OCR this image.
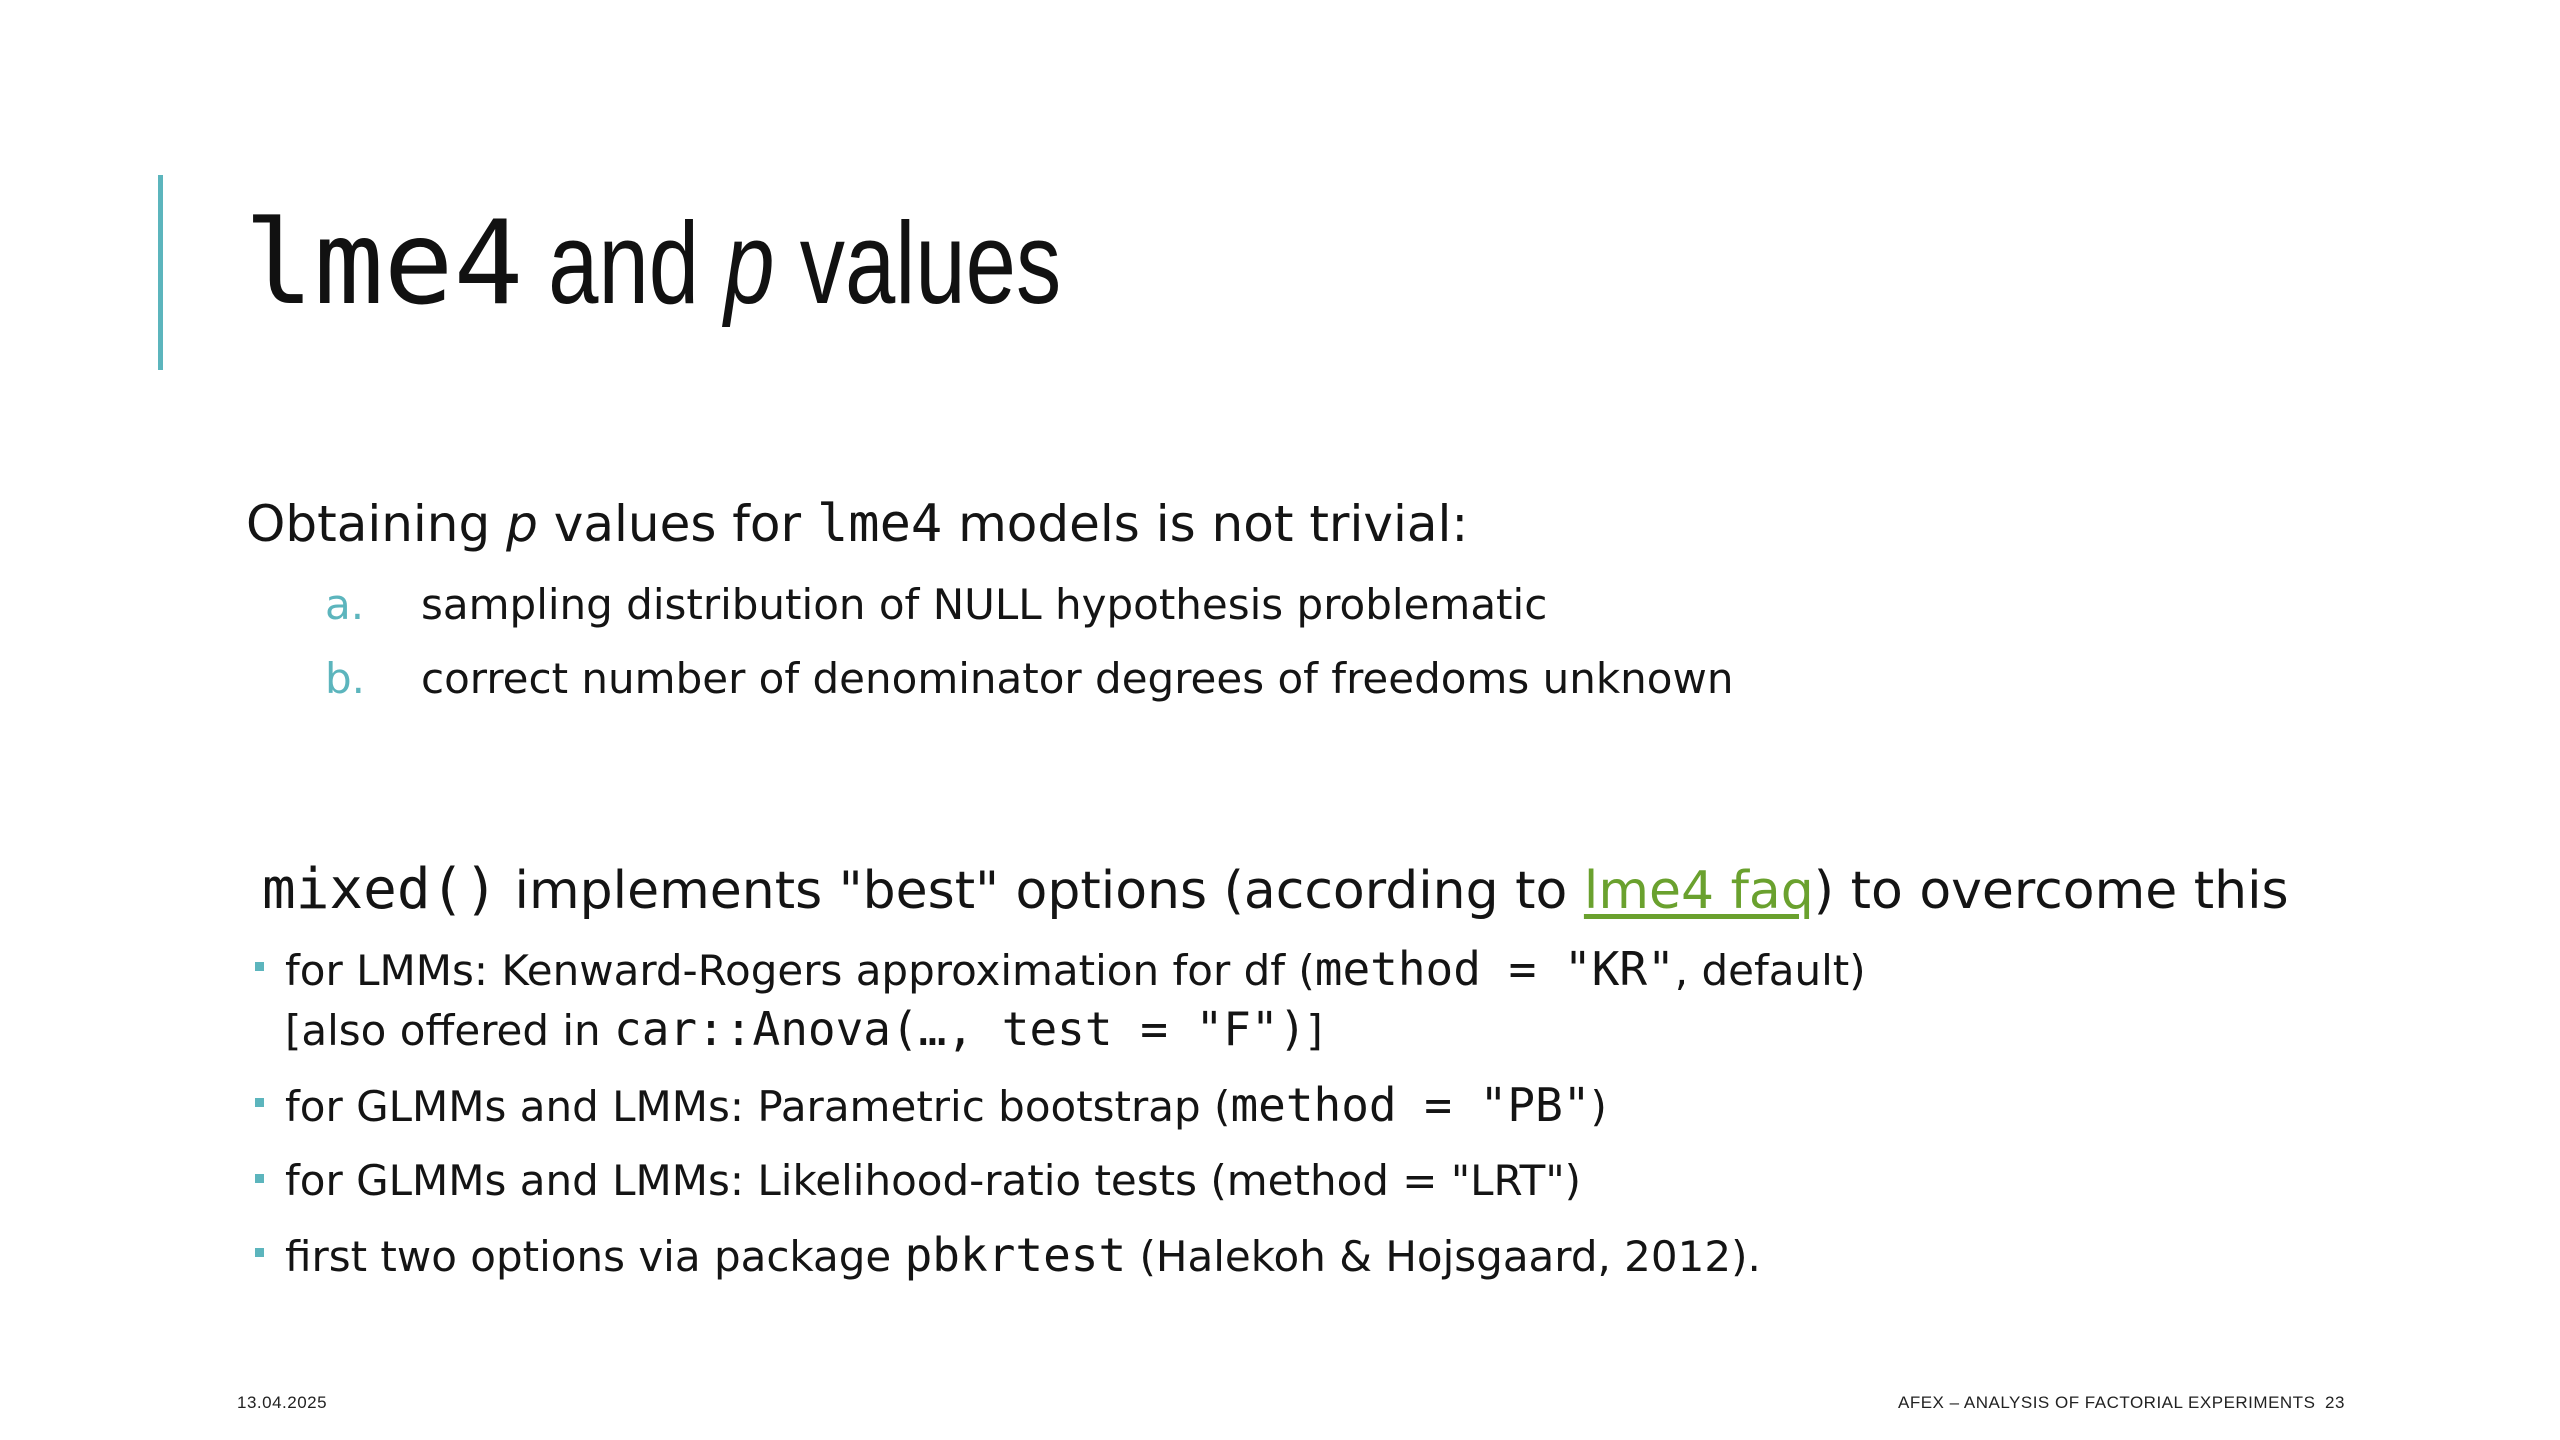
lme4 and p values
Obtaining p values for lme4 models is not trivial:
a.	sampling distribution of NULL hypothesis problematic
b.	correct number of denominator degrees of freedoms unknown
mixed() implements "best" options (according to lme4 faq) to overcome this
for LMMs: Kenward-Rogers approximation for df (method = "KR", default)
[also offered in car::Anova(…, test = "F")]
for GLMMs and LMMs: Parametric bootstrap (method = "PB")
for GLMMs and LMMs: Likelihood-ratio tests (method = "LRT")
first two options via package pbkrtest (Halekoh & Hojsgaard, 2012).
13.04.2025	AFEX – ANALYSIS OF FACTORIAL EXPERIMENTS 23
